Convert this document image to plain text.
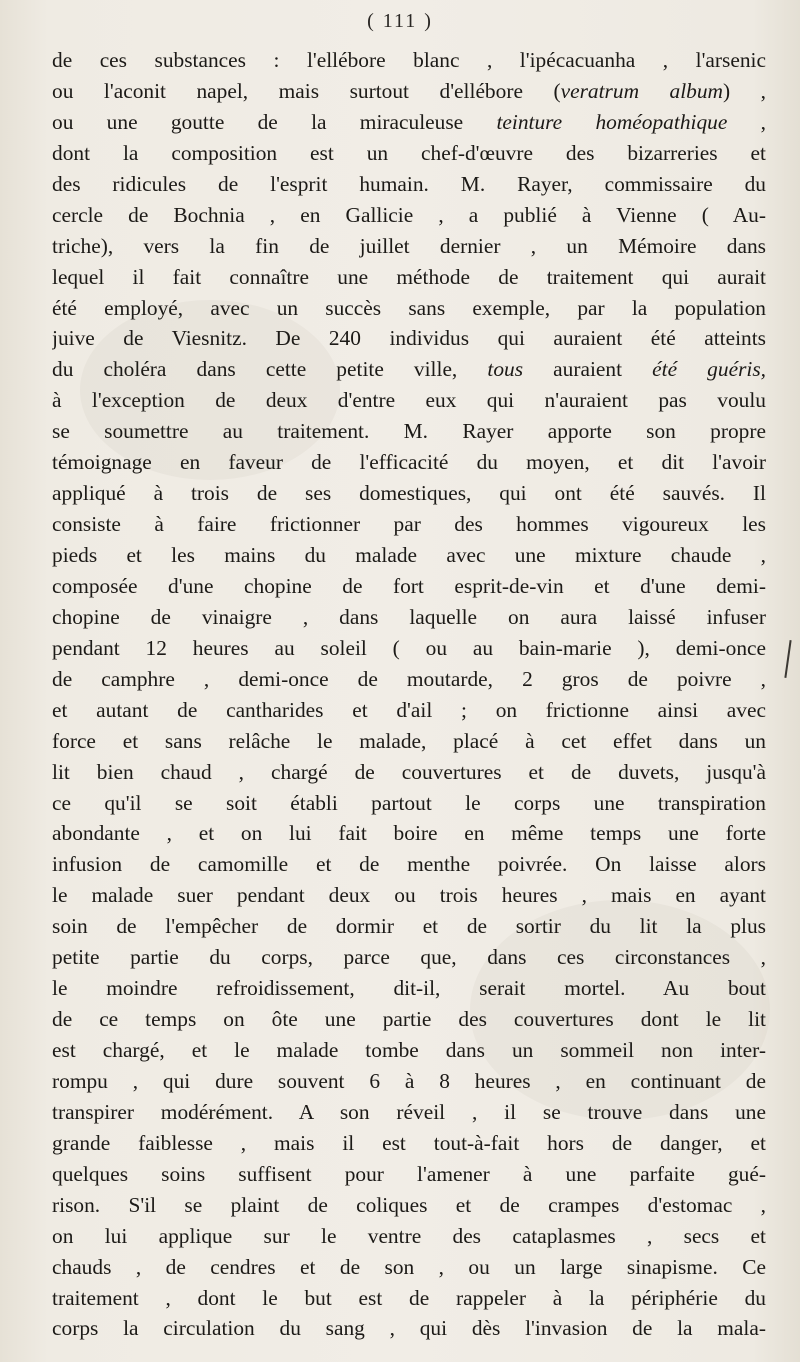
( 111 )
de ces substances : l'ellébore blanc , l'ipécacuanha , l'arsenic
ou l'aconit napel, mais surtout d'ellébore (veratrum album) ,
ou une goutte de la miraculeuse teinture homéopathique ,
dont la composition est un chef-d'œuvre des bizarreries et
des ridicules de l'esprit humain. M. Rayer, commissaire du
cercle de Bochnia , en Gallicie , a publié à Vienne ( Au-
triche), vers la fin de juillet dernier , un Mémoire dans
lequel il fait connaître une méthode de traitement qui aurait
été employé, avec un succès sans exemple, par la population
juive de Viesnitz. De 240 individus qui auraient été atteints
du choléra dans cette petite ville, tous auraient été guéris,
à l'exception de deux d'entre eux qui n'auraient pas voulu
se soumettre au traitement. M. Rayer apporte son propre
témoignage en faveur de l'efficacité du moyen, et dit l'avoir
appliqué à trois de ses domestiques, qui ont été sauvés. Il
consiste à faire frictionner par des hommes vigoureux les
pieds et les mains du malade avec une mixture chaude ,
composée d'une chopine de fort esprit-de-vin et d'une demi-
chopine de vinaigre , dans laquelle on aura laissé infuser
pendant 12 heures au soleil ( ou au bain-marie ), demi-once
de camphre , demi-once de moutarde, 2 gros de poivre ,
et autant de cantharides et d'ail ; on frictionne ainsi avec
force et sans relâche le malade, placé à cet effet dans un
lit bien chaud , chargé de couvertures et de duvets, jusqu'à
ce qu'il se soit établi partout le corps une transpiration
abondante , et on lui fait boire en même temps une forte
infusion de camomille et de menthe poivrée. On laisse alors
le malade suer pendant deux ou trois heures , mais en ayant
soin de l'empêcher de dormir et de sortir du lit la plus
petite partie du corps, parce que, dans ces circonstances ,
le moindre refroidissement, dit-il, serait mortel. Au bout
de ce temps on ôte une partie des couvertures dont le lit
est chargé, et le malade tombe dans un sommeil non inter-
rompu , qui dure souvent 6 à 8 heures , en continuant de
transpirer modérément. A son réveil , il se trouve dans une
grande faiblesse , mais il est tout-à-fait hors de danger, et
quelques soins suffisent pour l'amener à une parfaite gué-
rison. S'il se plaint de coliques et de crampes d'estomac ,
on lui applique sur le ventre des cataplasmes , secs et
chauds , de cendres et de son , ou un large sinapisme. Ce
traitement , dont le but est de rappeler à la périphérie du
corps la circulation du sang , qui dès l'invasion de la mala-
